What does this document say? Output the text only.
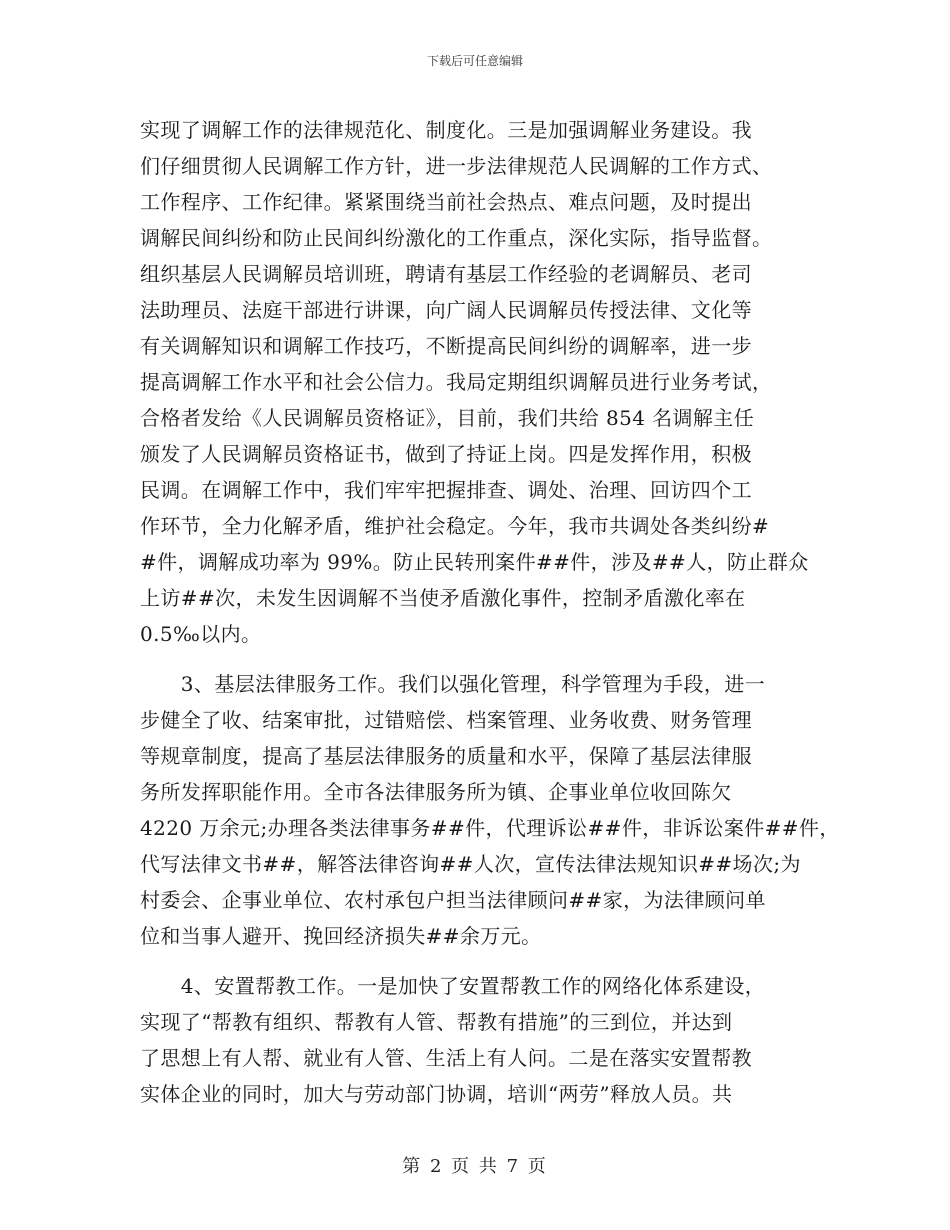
下载后可任意编辑
实现了调解工作的法律规范化、制度化。三是加强调解业务建设。我
们仔细贯彻人民调解工作方针，进一步法律规范人民调解的工作方式、
工作程序、工作纪律。紧紧围绕当前社会热点、难点问题，及时提出
调解民间纠纷和防止民间纠纷激化的工作重点，深化实际，指导监督。
组织基层人民调解员培训班，聘请有基层工作经验的老调解员、老司
法助理员、法庭干部进行讲课，向广阔人民调解员传授法律、文化等
有关调解知识和调解工作技巧，不断提高民间纠纷的调解率，进一步
提高调解工作水平和社会公信力。我局定期组织调解员进行业务考试，
合格者发给《人民调解员资格证》，目前，我们共给 854 名调解主任
颁发了人民调解员资格证书，做到了持证上岗。四是发挥作用，积极
民调。在调解工作中，我们牢牢把握排查、调处、治理、回访四个工
作环节，全力化解矛盾，维护社会稳定。今年，我市共调处各类纠纷#
#件，调解成功率为 99%。防止民转刑案件##件，涉及##人，防止群众
上访##次，未发生因调解不当使矛盾激化事件，控制矛盾激化率在
0.5‰以内。
　　3、基层法律服务工作。我们以强化管理，科学管理为手段，进一
步健全了收、结案审批，过错赔偿、档案管理、业务收费、财务管理
等规章制度，提高了基层法律服务的质量和水平，保障了基层法律服
务所发挥职能作用。全市各法律服务所为镇、企事业单位收回陈欠
4220 万余元;办理各类法律事务##件，代理诉讼##件，非诉讼案件##件，
代写法律文书##，解答法律咨询##人次，宣传法律法规知识##场次;为
村委会、企事业单位、农村承包户担当法律顾问##家，为法律顾问单
位和当事人避开、挽回经济损失##余万元。
　　4、安置帮教工作。一是加快了安置帮教工作的网络化体系建设，
实现了“帮教有组织、帮教有人管、帮教有措施”的三到位，并达到
了思想上有人帮、就业有人管、生活上有人问。二是在落实安置帮教
实体企业的同时，加大与劳动部门协调，培训“两劳”释放人员。共
第 2 页 共 7 页
